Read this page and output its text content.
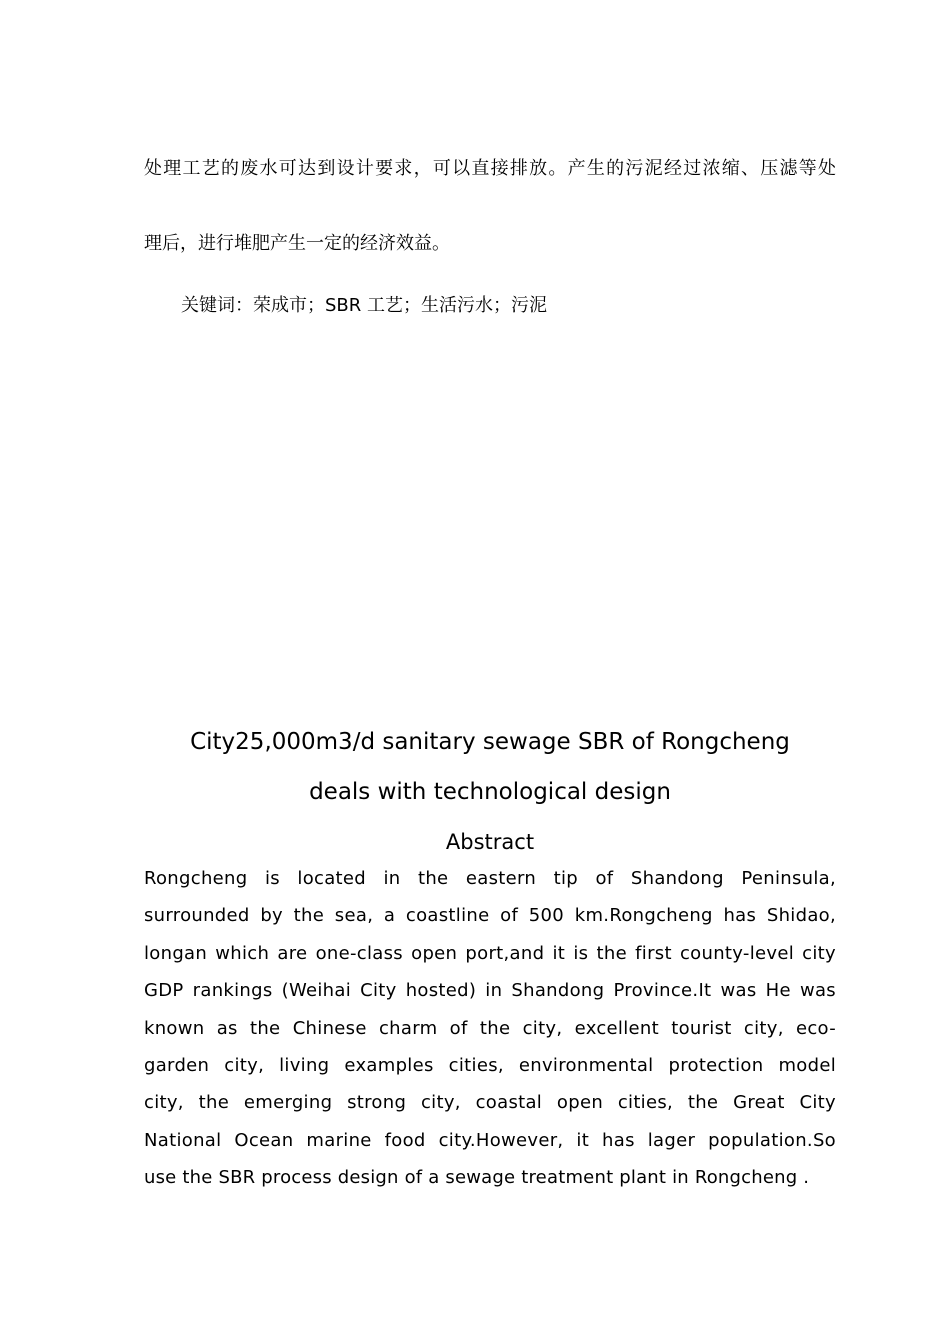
处理工艺的废水可达到设计要求，可以直接排放。产生的污泥经过浓缩、压滤等处
理后，进行堆肥产生一定的经济效益。
关键词：荣成市；SBR 工艺；生活污水；污泥
City25,000m3/d sanitary sewage SBR of Rongcheng
deals with technological design
Abstract
Rongcheng is located in the eastern tip of Shandong Peninsula,
surrounded by the sea, a coastline of 500 km.Rongcheng has Shidao,
longan which are one-class open port,and it is the first county-level city
GDP rankings (Weihai City hosted) in Shandong Province.It was He was
known as the Chinese charm of the city, excellent tourist city, eco-
garden city, living examples cities, environmental protection model
city, the emerging strong city, coastal open cities, the Great City
National Ocean marine food city.However, it has lager population.So
use the SBR process design of a sewage treatment plant in Rongcheng .
